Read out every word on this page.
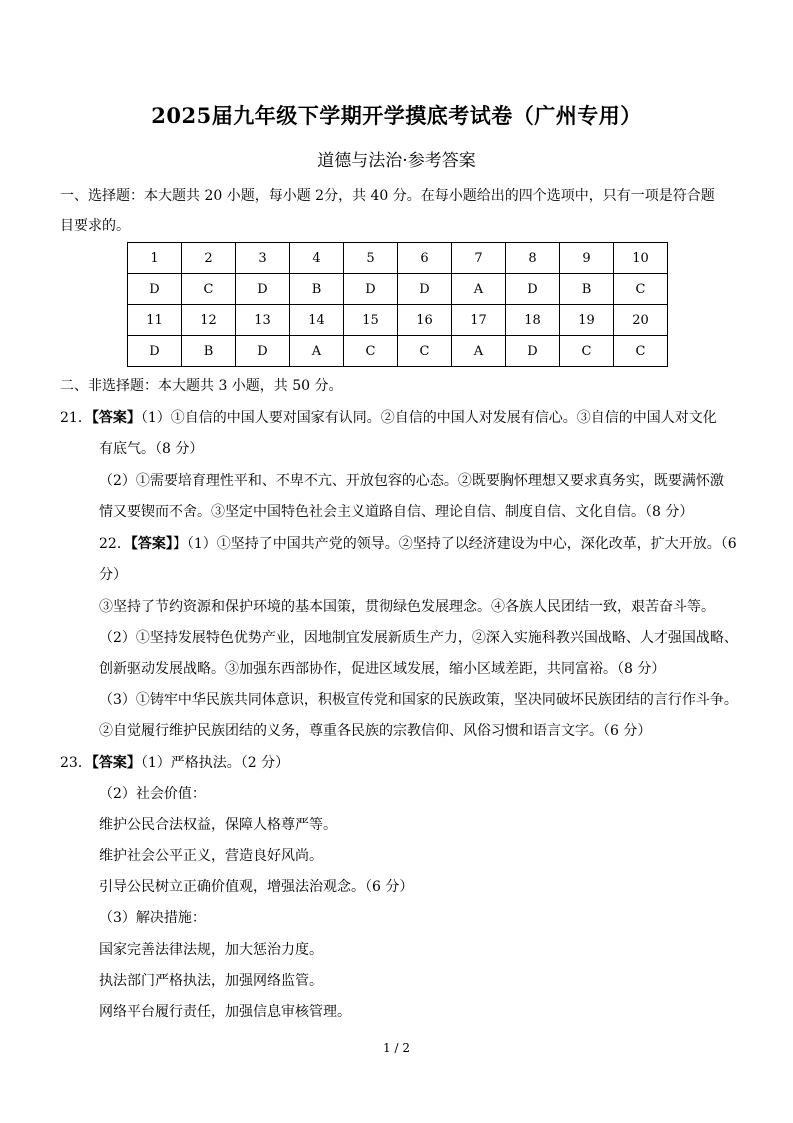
2025届九年级下学期开学摸底考试卷（广州专用）
道德与法治·参考答案
一、选择题：本大题共 20 小题，每小题 2分，共 40 分。在每小题给出的四个选项中，只有一项是符合题
目要求的。
1	2	3	4	5	6	7	8	9	10
D	C	D	B	D	D	A	D	B	C
11	12	13	14	15	16	17	18	19	20
D	B	D	A	C	C	A	D	C	C
二、非选择题：本大题共 3 小题，共 50 分。
21．【答案】（1）①自信的中国人要对国家有认同。②自信的中国人对发展有信心。③自信的中国人对文化
有底气。（8 分）
（2）①需要培育理性平和、不卑不亢、开放包容的心态。②既要胸怀理想又要求真务实，既要满怀激
情又要锲而不舍。③坚定中国特色社会主义道路自信、理论自信、制度自信、文化自信。（8 分）
22．【答案】】（1）①坚持了中国共产党的领导。②坚持了以经济建设为中心，深化改革，扩大开放。（6
分）
③坚持了节约资源和保护环境的基本国策，贯彻绿色发展理念。④各族人民团结一致，艰苦奋斗等。
（2）①坚持发展特色优势产业，因地制宜发展新质生产力，②深入实施科教兴国战略、人才强国战略、
创新驱动发展战略。③加强东西部协作，促进区域发展，缩小区域差距，共同富裕。（8 分）
（3）①铸牢中华民族共同体意识，积极宣传党和国家的民族政策，坚决同破坏民族团结的言行作斗争。
②自觉履行维护民族团结的义务，尊重各民族的宗教信仰、风俗习惯和语言文字。（6 分）
23．【答案】（1）严格执法。（2 分）
（2）社会价值：
维护公民合法权益，保障人格尊严等。
维护社会公平正义，营造良好风尚。
引导公民树立正确价值观，增强法治观念。（6 分）
（3）解决措施：
国家完善法律法规，加大惩治力度。
执法部门严格执法，加强网络监管。
网络平台履行责任，加强信息审核管理。
1 / 2
